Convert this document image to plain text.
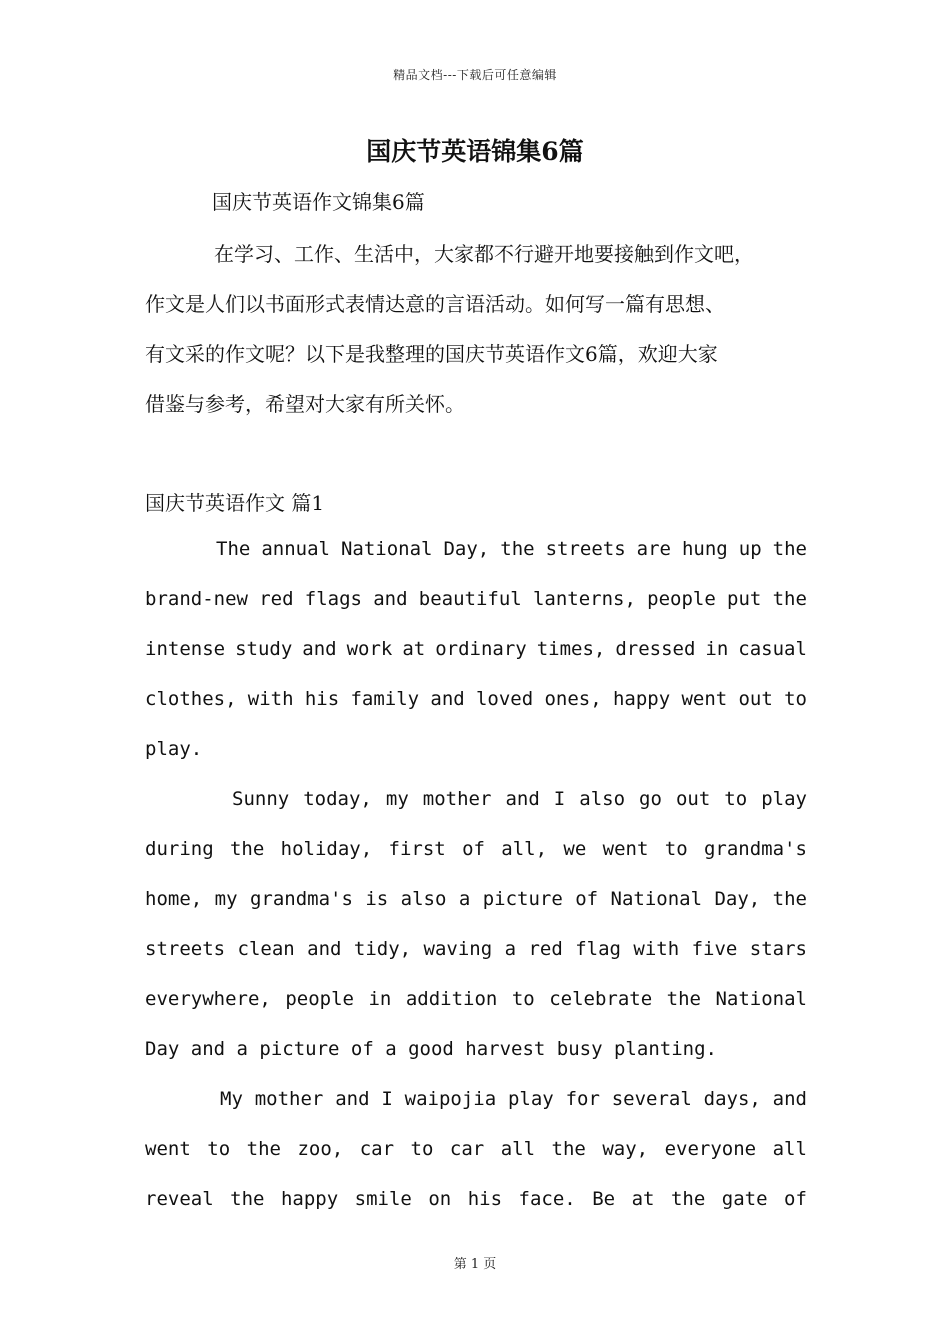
精品文档---下载后可任意编辑
国庆节英语锦集6篇
国庆节英语作文锦集6篇
在学习、工作、生活中，大家都不行避开地要接触到作文吧，
作文是人们以书面形式表情达意的言语活动。如何写一篇有思想、
有文采的作文呢？以下是我整理的国庆节英语作文6篇，欢迎大家
借鉴与参考，希望对大家有所关怀。
国庆节英语作文 篇1
The annual National Day, the streets are hung up the
brand-new red flags and beautiful lanterns, people put the
intense study and work at ordinary times, dressed in casual
clothes, with his family and loved ones, happy went out to
play.
Sunny today, my mother and I also go out to play
during the holiday, first of all, we went to grandma's
home, my grandma's is also a picture of National Day, the
streets clean and tidy, waving a red flag with five stars
everywhere, people in addition to celebrate the National
Day and a picture of a good harvest busy planting.
My mother and I waipojia play for several days, and
went to the zoo, car to car all the way, everyone all
reveal the happy smile on his face. Be at the gate of
第 1 页
